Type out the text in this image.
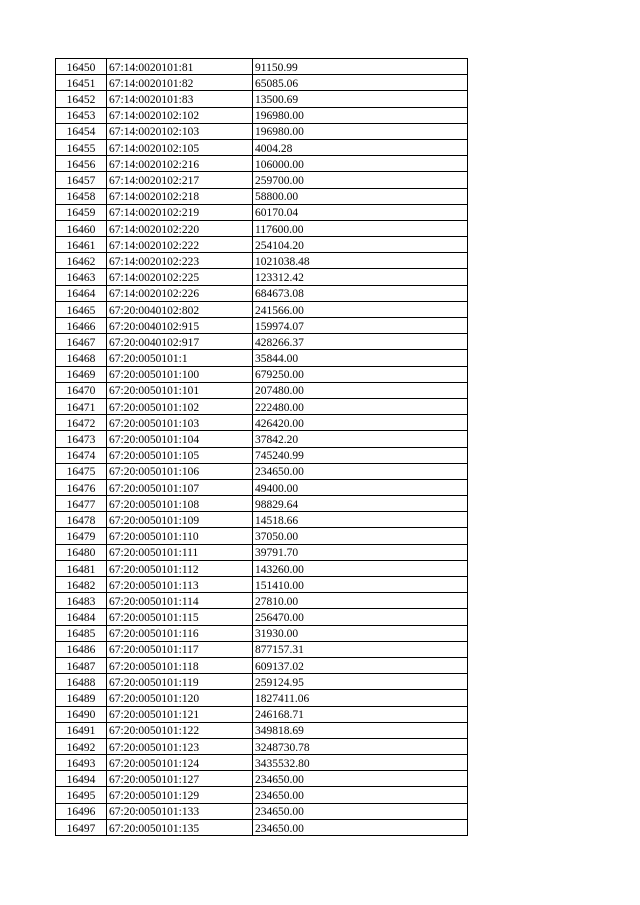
16450	67:14:0020101:81	91150.99
16451	67:14:0020101:82	65085.06
16452	67:14:0020101:83	13500.69
16453	67:14:0020102:102	196980.00
16454	67:14:0020102:103	196980.00
16455	67:14:0020102:105	4004.28
16456	67:14:0020102:216	106000.00
16457	67:14:0020102:217	259700.00
16458	67:14:0020102:218	58800.00
16459	67:14:0020102:219	60170.04
16460	67:14:0020102:220	117600.00
16461	67:14:0020102:222	254104.20
16462	67:14:0020102:223	1021038.48
16463	67:14:0020102:225	123312.42
16464	67:14:0020102:226	684673.08
16465	67:20:0040102:802	241566.00
16466	67:20:0040102:915	159974.07
16467	67:20:0040102:917	428266.37
16468	67:20:0050101:1	35844.00
16469	67:20:0050101:100	679250.00
16470	67:20:0050101:101	207480.00
16471	67:20:0050101:102	222480.00
16472	67:20:0050101:103	426420.00
16473	67:20:0050101:104	37842.20
16474	67:20:0050101:105	745240.99
16475	67:20:0050101:106	234650.00
16476	67:20:0050101:107	49400.00
16477	67:20:0050101:108	98829.64
16478	67:20:0050101:109	14518.66
16479	67:20:0050101:110	37050.00
16480	67:20:0050101:111	39791.70
16481	67:20:0050101:112	143260.00
16482	67:20:0050101:113	151410.00
16483	67:20:0050101:114	27810.00
16484	67:20:0050101:115	256470.00
16485	67:20:0050101:116	31930.00
16486	67:20:0050101:117	877157.31
16487	67:20:0050101:118	609137.02
16488	67:20:0050101:119	259124.95
16489	67:20:0050101:120	1827411.06
16490	67:20:0050101:121	246168.71
16491	67:20:0050101:122	349818.69
16492	67:20:0050101:123	3248730.78
16493	67:20:0050101:124	3435532.80
16494	67:20:0050101:127	234650.00
16495	67:20:0050101:129	234650.00
16496	67:20:0050101:133	234650.00
16497	67:20:0050101:135	234650.00
